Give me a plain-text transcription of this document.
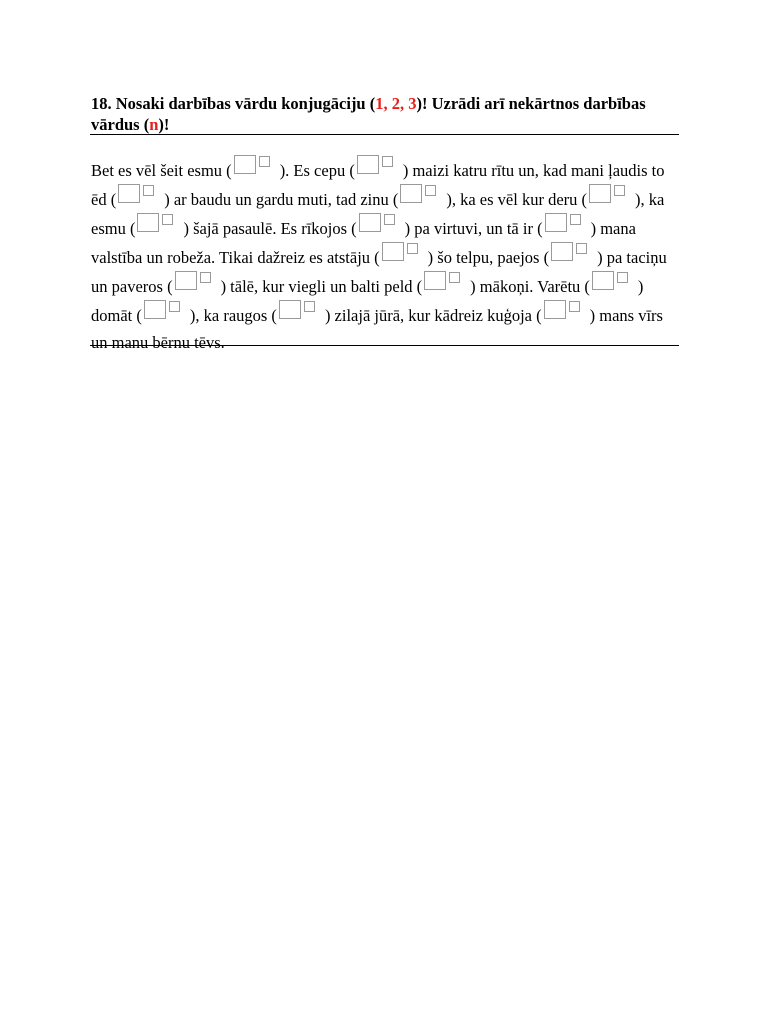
18. Nosaki darbības vārdu konjugāciju (1, 2, 3)! Uzrādi arī nekārtnos darbības vārdus (n)!
Bet es vēl šeit esmu (	). Es cepu (	) maizi katru rītu un, kad mani ļaudis to ēd (	) ar baudu un gardu muti, tad zinu (	), ka es vēl kur deru (	), ka esmu (	) šajā pasaulē. Es rīkojos (	) pa virtuvi, un tā ir (	) mana valstība un robeža. Tikai dažreiz es atstāju (	) šo telpu, paejos (	) pa taciņu un paveros (	) tālē, kur viegli un balti peld (	) mākoņi. Varētu (	) domāt (	), ka raugos (	) zilajā jūrā, kur kādreiz kuģoja (	) mans vīrs un manu bērnu tēvs.
